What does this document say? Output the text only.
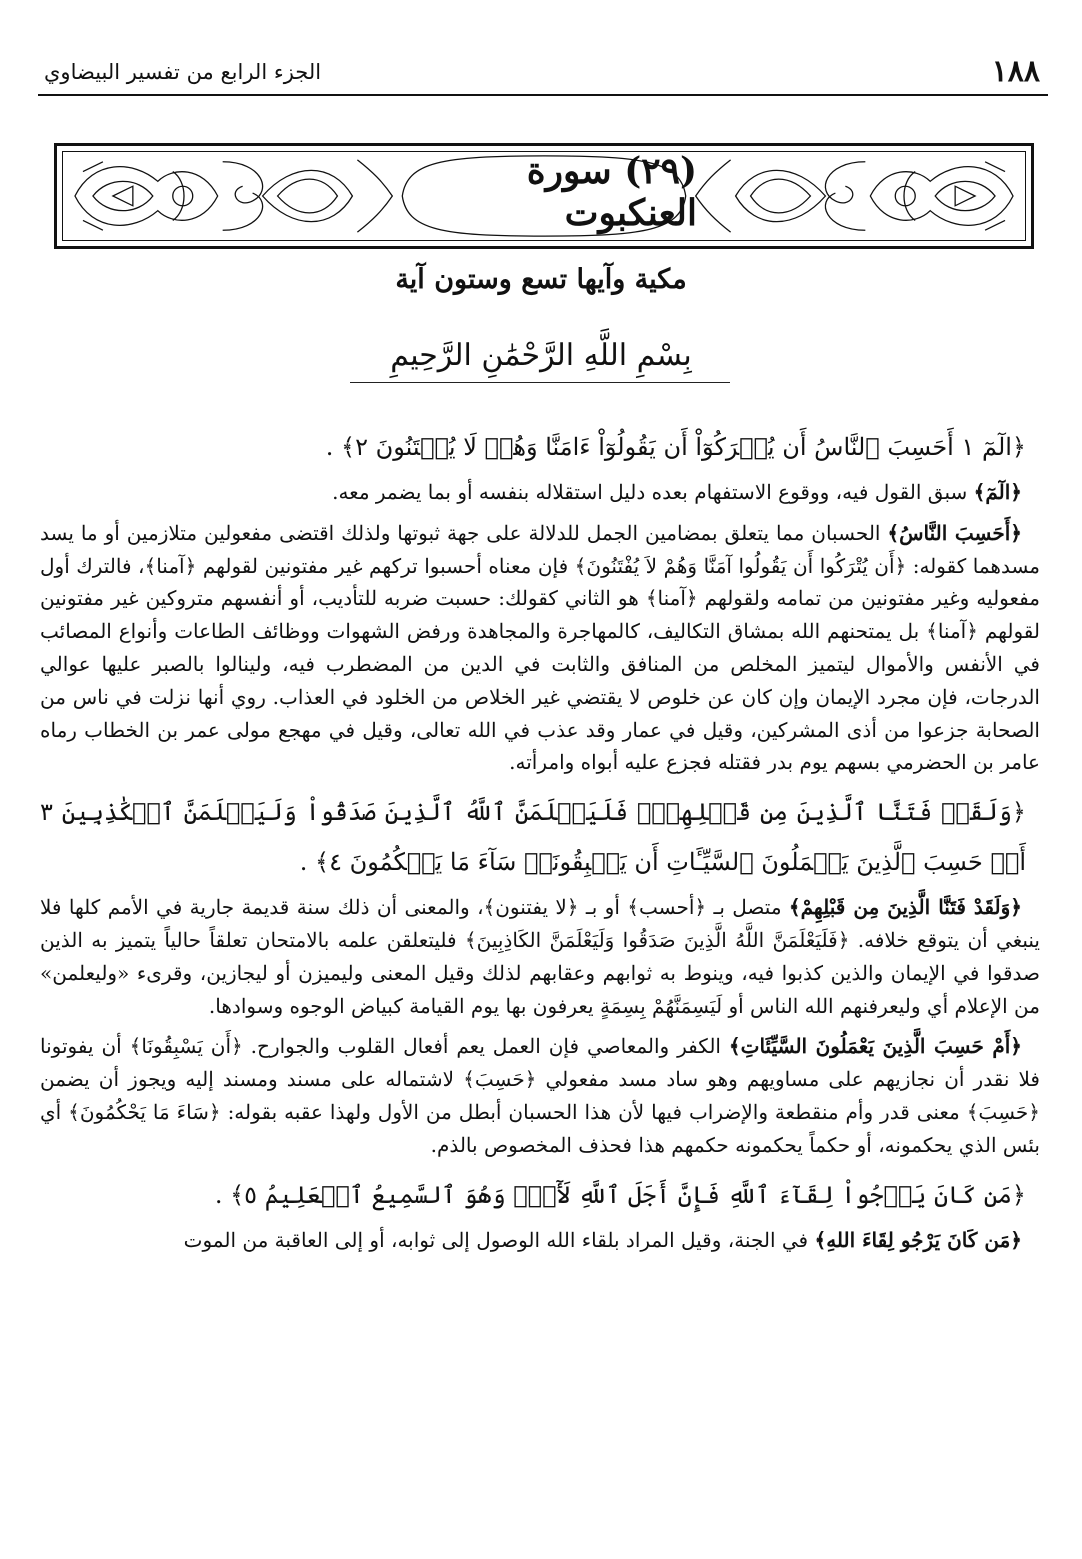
١٨٨
الجزء الرابع من تفسير البيضاوي
(٢٩) سورة العنكبوت
مكية وآيها تسع وستون آية
بِسْمِ اللَّهِ الرَّحْمَٰنِ الرَّحِيمِ

﴿الٓمٓ ١ أَحَسِبَ ٱلنَّاسُ أَن يُتۡرَكُوٓاْ أَن يَقُولُوٓاْ ءَامَنَّا وَهُمۡ لَا يُفۡتَنُونَ ٢﴾ .

﴿الٓمٓ﴾ سبق القول فيه، ووقوع الاستفهام بعده دليل استقلاله بنفسه أو بما يضمر معه.

﴿أَحَسِبَ النَّاسُ﴾ الحسبان مما يتعلق بمضامين الجمل للدلالة على جهة ثبوتها ولذلك اقتضى مفعولين متلازمين أو ما يسد مسدهما كقوله: ﴿أَن يُتْرَكُوا أَن يَقُولُوا آمَنَّا وَهُمْ لاَ يُفْتَنُونَ﴾ فإن معناه أحسبوا تركهم غير مفتونين لقولهم ﴿آمنا﴾، فالترك أول مفعوليه وغير مفتونين من تمامه ولقولهم ﴿آمنا﴾ هو الثاني كقولك: حسبت ضربه للتأديب، أو أنفسهم متروكين غير مفتونين لقولهم ﴿آمنا﴾ بل يمتحنهم الله بمشاق التكاليف، كالمهاجرة والمجاهدة ورفض الشهوات ووظائف الطاعات وأنواع المصائب في الأنفس والأموال ليتميز المخلص من المنافق والثابت في الدين من المضطرب فيه، ولينالوا بالصبر عليها عوالي الدرجات، فإن مجرد الإيمان وإن كان عن خلوص لا يقتضي غير الخلاص من الخلود في العذاب. روي أنها نزلت في ناس من الصحابة جزعوا من أذى المشركين، وقيل في عمار وقد عذب في الله تعالى، وقيل في مهجع مولى عمر بن الخطاب رماه عامر بن الحضرمي بسهم يوم بدر فقتله فجزع عليه أبواه وامرأته.

﴿وَلَقَدۡ فَتَنَّا ٱلَّذِينَ مِن قَبۡلِهِمۡۖ فَلَيَعۡلَمَنَّ ٱللَّهُ ٱلَّذِينَ صَدَقُواْ وَلَيَعۡلَمَنَّ ٱلۡكَٰذِبِينَ ٣ أَمۡ حَسِبَ ٱلَّذِينَ يَعۡمَلُونَ ٱلسَّيِّـَٔاتِ أَن يَسۡبِقُونَاۚ سَآءَ مَا يَحۡكُمُونَ ٤﴾ .

﴿وَلَقَدْ فَتَنَّا الَّذِينَ مِن قَبْلِهِمْ﴾ متصل بـ ﴿أحسب﴾ أو بـ ﴿لا يفتنون﴾، والمعنى أن ذلك سنة قديمة جارية في الأمم كلها فلا ينبغي أن يتوقع خلافه. ﴿فَلَيَعْلَمَنَّ اللَّهُ الَّذِينَ صَدَقُوا وَلَيَعْلَمَنَّ الكَاذِبِينَ﴾ فليتعلقن علمه بالامتحان تعلقاً حالياً يتميز به الذين صدقوا في الإيمان والذين كذبوا فيه، وينوط به ثوابهم وعقابهم لذلك وقيل المعنى وليميزن أو ليجازين، وقرىء «وليعلمن» من الإعلام أي وليعرفنهم الله الناس أو لَيَسِمَنَّهُمْ بِسِمَةٍ يعرفون بها يوم القيامة كبياض الوجوه وسوادها.

﴿أَمْ حَسِبَ الَّذِينَ يَعْمَلُونَ السَّيِّئَاتِ﴾ الكفر والمعاصي فإن العمل يعم أفعال القلوب والجوارح. ﴿أَن يَسْبِقُونَا﴾ أن يفوتونا فلا نقدر أن نجازيهم على مساويهم وهو ساد مسد مفعولي ﴿حَسِبَ﴾ لاشتماله على مسند ومسند إليه ويجوز أن يضمن ﴿حَسِبَ﴾ معنى قدر وأم منقطعة والإضراب فيها لأن هذا الحسبان أبطل من الأول ولهذا عقبه بقوله: ﴿سَاءَ مَا يَحْكُمُونَ﴾ أي بئس الذي يحكمونه، أو حكماً يحكمونه حكمهم هذا فحذف المخصوص بالذم.

﴿مَن كَانَ يَرۡجُواْ لِقَآءَ ٱللَّهِ فَإِنَّ أَجَلَ ٱللَّهِ لَأٓتٖۚ وَهُوَ ٱلسَّمِيعُ ٱلۡعَلِيمُ ٥﴾ .

﴿مَن كَانَ يَرْجُو لِقَاءَ اللهِ﴾ في الجنة، وقيل المراد بلقاء الله الوصول إلى ثوابه، أو إلى العاقبة من الموت
